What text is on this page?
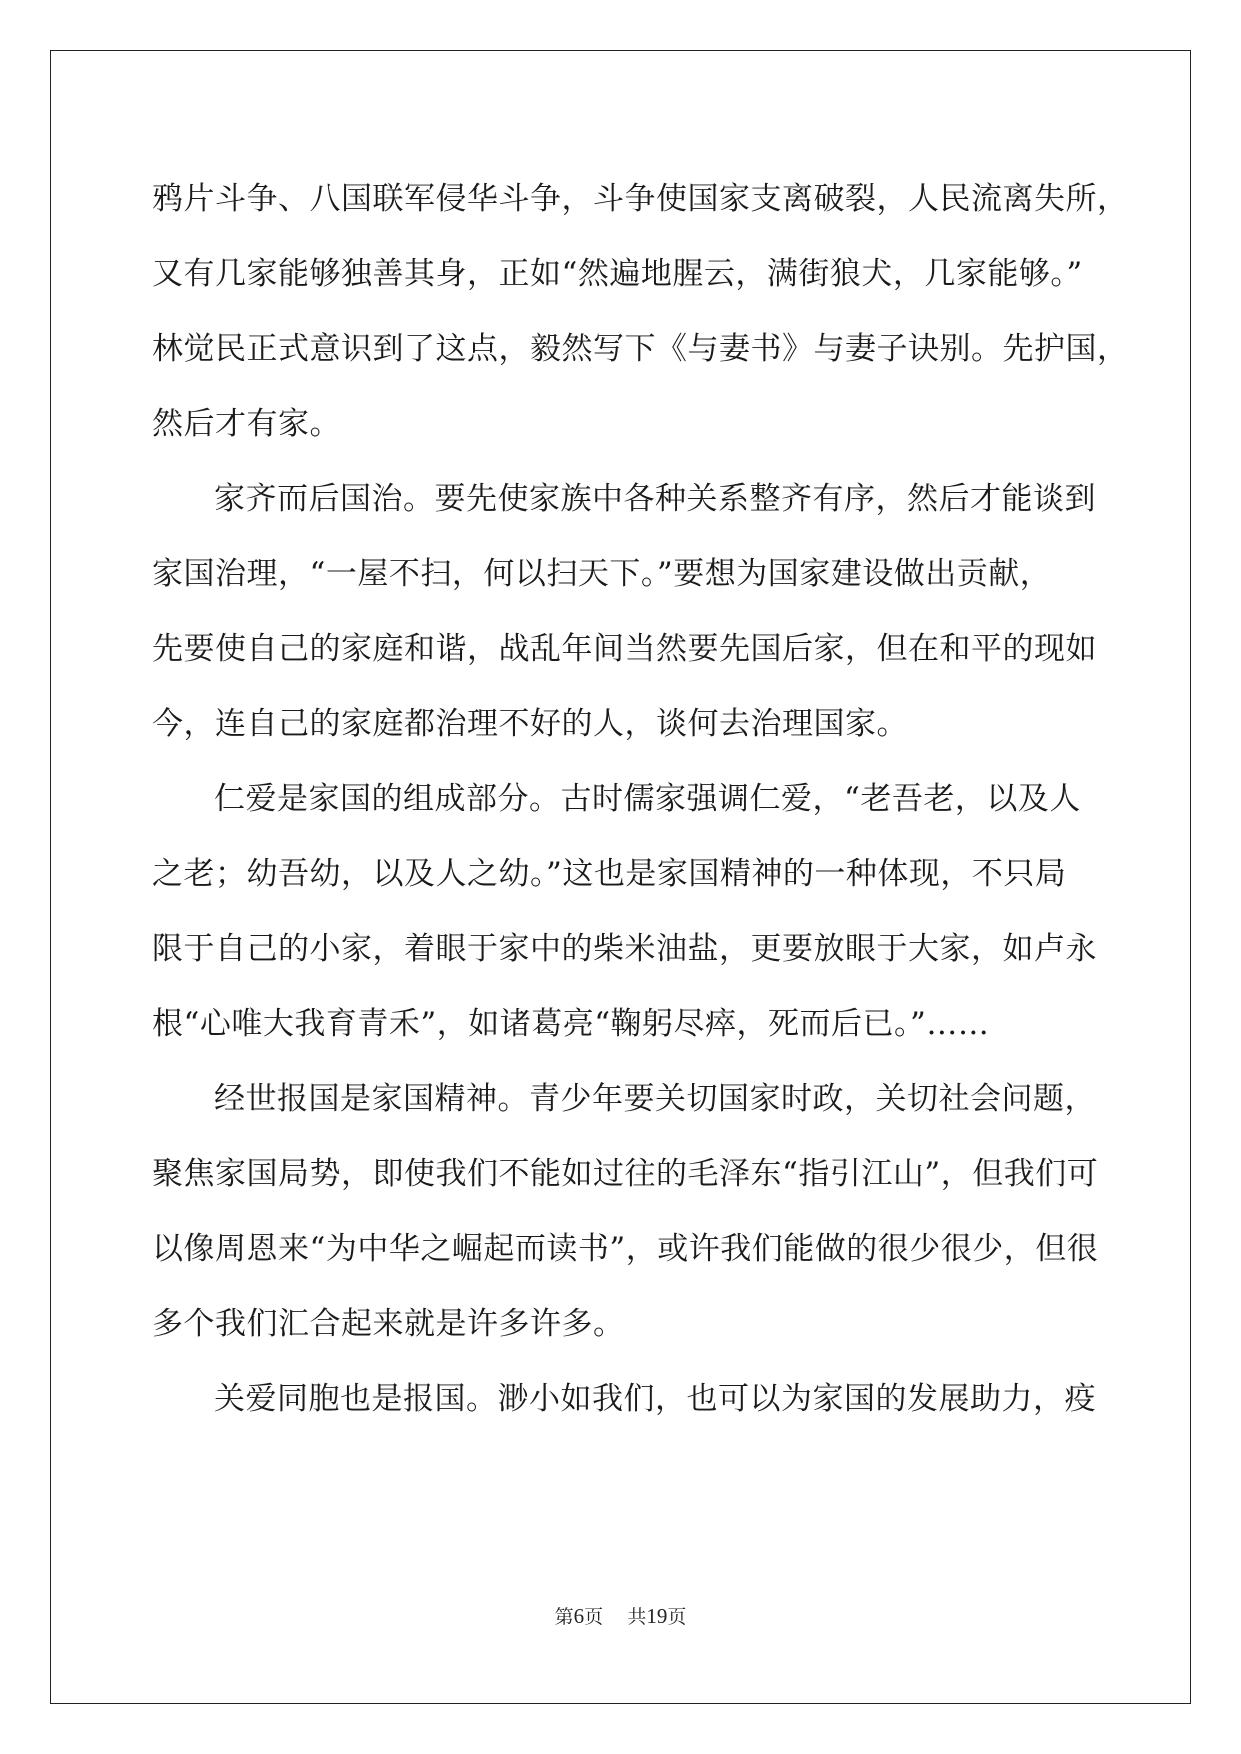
鸦片斗争、八国联军侵华斗争，斗争使国家支离破裂，人民流离失所，
又有几家能够独善其身，正如“然遍地腥云，满街狼犬，几家能够。”
林觉民正式意识到了这点，毅然写下《与妻书》与妻子诀别。先护国，
然后才有家。

家齐而后国治。要先使家族中各种关系整齐有序，然后才能谈到
家国治理，“一屋不扫，何以扫天下。”要想为国家建设做出贡献，
先要使自己的家庭和谐，战乱年间当然要先国后家，但在和平的现如
今，连自己的家庭都治理不好的人，谈何去治理国家。

仁爱是家国的组成部分。古时儒家强调仁爱，“老吾老，以及人
之老；幼吾幼，以及人之幼。”这也是家国精神的一种体现，不只局
限于自己的小家，着眼于家中的柴米油盐，更要放眼于大家，如卢永
根“心唯大我育青禾”，如诸葛亮“鞠躬尽瘁，死而后已。”……

经世报国是家国精神。青少年要关切国家时政，关切社会问题，
聚焦家国局势，即使我们不能如过往的毛泽东“指引江山”，但我们可
以像周恩来“为中华之崛起而读书”，或许我们能做的很少很少，但很
多个我们汇合起来就是许多许多。

关爱同胞也是报国。渺小如我们，也可以为家国的发展助力，疫

第6页 共19页
